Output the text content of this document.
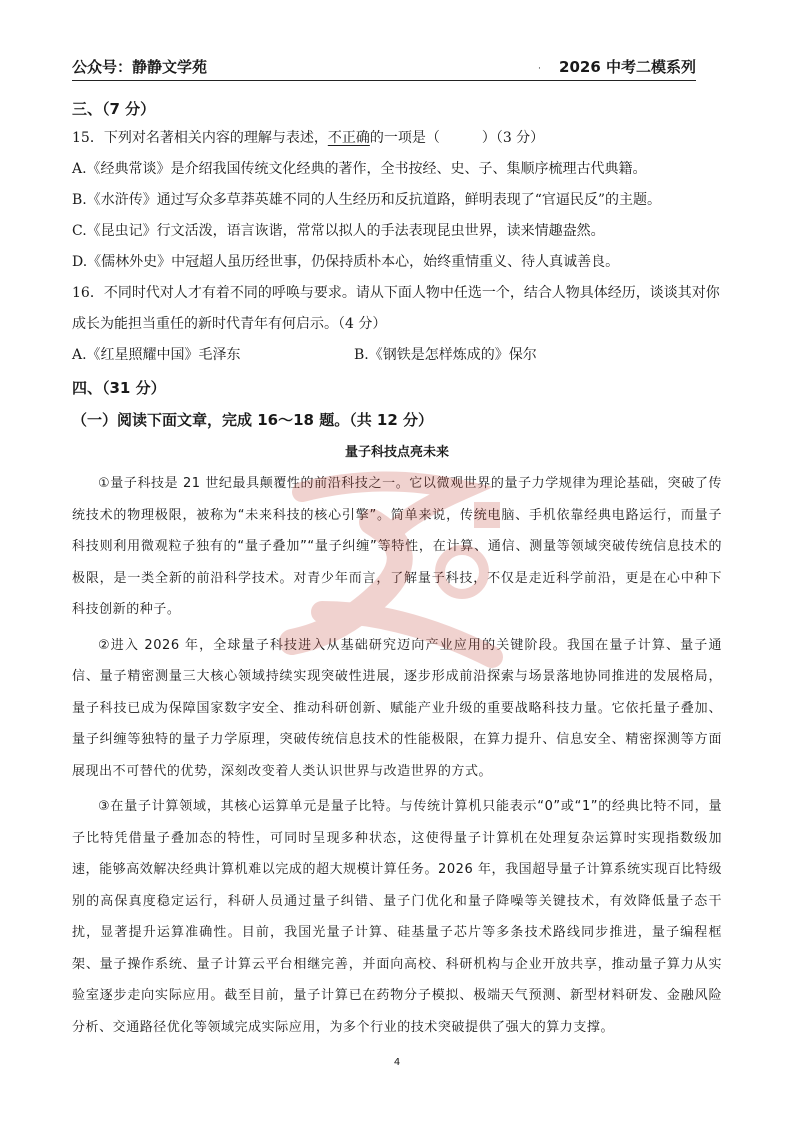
公众号：静静文学苑	· 2026 中考二模系列

三、（7 分）

15．下列对名著相关内容的理解与表述，不正确的一项是（　　　）（3 分）

A.《经典常谈》是介绍我国传统文化经典的著作，全书按经、史、子、集顺序梳理古代典籍。

B.《水浒传》通过写众多草莽英雄不同的人生经历和反抗道路，鲜明表现了“官逼民反”的主题。

C.《昆虫记》行文活泼，语言诙谐，常常以拟人的手法表现昆虫世界，读来情趣盎然。

D.《儒林外史》中冠超人虽历经世事，仍保持质朴本心，始终重情重义、待人真诚善良。

16．不同时代对人才有着不同的呼唤与要求。请从下面人物中任选一个，结合人物具体经历，谈谈其对你

成长为能担当重任的新时代青年有何启示。（4 分）

A.《红星照耀中国》毛泽东	B.《钢铁是怎样炼成的》保尔

四、（31 分）

（一）阅读下面文章，完成 16～18 题。（共 12 分）

量子科技点亮未来

①量子科技是 21 世纪最具颠覆性的前沿科技之一。它以微观世界的量子力学规律为理论基础，突破了传统技术的物理极限，被称为“未来科技的核心引擎”。简单来说，传统电脑、手机依靠经典电路运行，而量子科技则利用微观粒子独有的“量子叠加”“量子纠缠”等特性，在计算、通信、测量等领域突破传统信息技术的极限，是一类全新的前沿科学技术。对青少年而言，了解量子科技，不仅是走近科学前沿，更是在心中种下科技创新的种子。

②进入 2026 年，全球量子科技进入从基础研究迈向产业应用的关键阶段。我国在量子计算、量子通信、量子精密测量三大核心领域持续实现突破性进展，逐步形成前沿探索与场景落地协同推进的发展格局，量子科技已成为保障国家数字安全、推动科研创新、赋能产业升级的重要战略科技力量。它依托量子叠加、量子纠缠等独特的量子力学原理，突破传统信息技术的性能极限，在算力提升、信息安全、精密探测等方面展现出不可替代的优势，深刻改变着人类认识世界与改造世界的方式。

③在量子计算领域，其核心运算单元是量子比特。与传统计算机只能表示“0”或“1”的经典比特不同，量子比特凭借量子叠加态的特性，可同时呈现多种状态，这使得量子计算机在处理复杂运算时实现指数级加速，能够高效解决经典计算机难以完成的超大规模计算任务。2026 年，我国超导量子计算系统实现百比特级别的高保真度稳定运行，科研人员通过量子纠错、量子门优化和量子降噪等关键技术，有效降低量子态干扰，显著提升运算准确性。目前，我国光量子计算、硅基量子芯片等多条技术路线同步推进，量子编程框架、量子操作系统、量子计算云平台相继完善，并面向高校、科研机构与企业开放共享，推动量子算力从实验室逐步走向实际应用。截至目前，量子计算已在药物分子模拟、极端天气预测、新型材料研发、金融风险分析、交通路径优化等领域完成实际应用，为多个行业的技术突破提供了强大的算力支撑。

4
